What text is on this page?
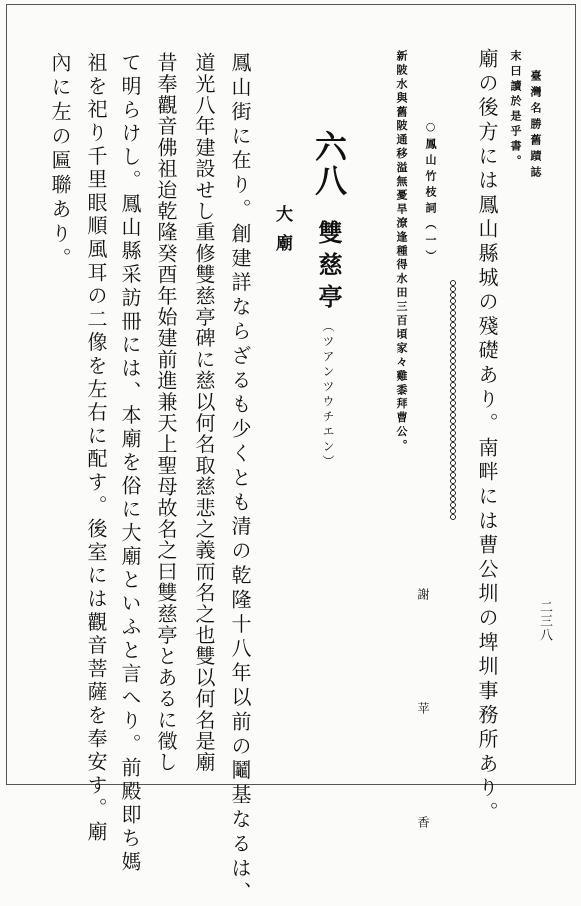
臺灣名勝舊蹟誌

二三八

末曰讀於是乎書。

廟の後方には鳳山縣城の殘礎あり。南畔には曹公圳の埤圳事務所あり。

○鳳山竹枝詞（一）

新陂水與舊陂通移溢無憂旱潦逢種得水田三百頃家々雞黍拜曹公。

謝　　苹　　香

六八

雙慈亭

（ツアンツウチエン）

大廟

鳳山街に在り。創建詳ならざるも少くとも清の乾隆十八年以前の鬮基なるは、

道光八年建設せし重修雙慈亭碑に慈以何名取慈悲之義而名之也雙以何名是廟

昔奉觀音佛祖迨乾隆癸酉年始建前進兼天上聖母故名之曰雙慈亭とあるに徵し

て明らけし。鳳山縣采訪冊には、本廟を俗に大廟といふと言へり。前殿即ち媽

祖を祀り千里眼順風耳の二像を左右に配す。後室には觀音菩薩を奉安す。廟

內に左の匾聯あり。
